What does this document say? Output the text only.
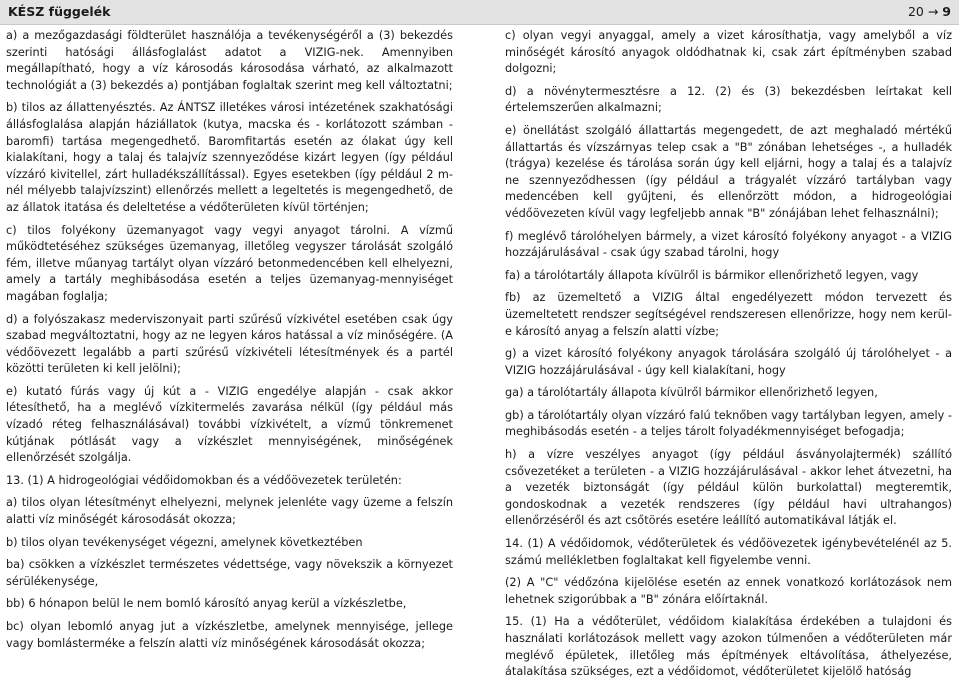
KÉSZ függelék	20 → 9

a) a mezőgazdasági földterület használója a tevékenységéről a (3) bekezdés szerinti hatósági állásfoglalást adatot a VIZIG-nek. Amennyiben megállapítható, hogy a víz károsodás károsodása várható, az alkalmazott technológiát a (3) bekezdés a) pontjában foglaltak szerint meg kell változtatni;

b) tilos az állattenyésztés. Az ÁNTSZ illetékes városi intézetének szakhatósági állásfoglalása alapján háziállatok (kutya, macska és - korlátozott számban - baromfi) tartása megengedhető. Baromfitartás esetén az ólakat úgy kell kialakítani, hogy a talaj és talajvíz szennyeződése kizárt legyen (így például vízzáró kivitellel, zárt hulladékszállítással). Egyes esetekben (így például 2 m-nél mélyebb talajvízszint) ellenőrzés mellett a legeltetés is megengedhető, de az állatok itatása és deleltetése a védőterületen kívül történjen;

c) tilos folyékony üzemanyagot vagy vegyi anyagot tárolni. A vízmű működtetéséhez szükséges üzemanyag, illetőleg vegyszer tárolását szolgáló fém, illetve műanyag tartályt olyan vízzáró betonmedencében kell elhelyezni, amely a tartály meghibásodása esetén a teljes üzemanyag-mennyiséget magában foglalja;

d) a folyószakasz mederviszonyait parti szűrésű vízkivétel esetében csak úgy szabad megváltoztatni, hogy az ne legyen káros hatással a víz minőségére. (A védőövezett legalább a parti szűrésű vízkivételi létesítmények és a partél közötti területen ki kell jelölni);

e) kutató fúrás vagy új kút a - VIZIG engedélye alapján - csak akkor létesíthető, ha a meglévő vízkitermelés zavarása nélkül (így például más vízadó réteg felhasználásával) további vízkivételt, a vízmű tönkremenet kútjának pótlását vagy a vízkészlet mennyiségének, minőségének ellenőrzését szolgálja.

13. (1) A hidrogeológiai védőidomokban és a védőövezetek területén:

a) tilos olyan létesítményt elhelyezni, melynek jelenléte vagy üzeme a felszín alatti víz minőségét károsodását okozza;

b) tilos olyan tevékenységet végezni, amelynek következtében

ba) csökken a vízkészlet természetes védettsége, vagy növekszik a környezet sérülékenysége,

bb) 6 hónapon belül le nem bomló károsító anyag kerül a vízkészletbe,

bc) olyan lebomló anyag jut a vízkészletbe, amelynek mennyisége, jellege vagy bomlásterméke a felszín alatti víz minőségének károsodását okozza;

c) olyan vegyi anyaggal, amely a vizet károsíthatja, vagy amelyből a víz minőségét károsító anyagok oldódhatnak ki, csak zárt építményben szabad dolgozni;

d) a növénytermesztésre a 12. (2) és (3) bekezdésben leírtakat kell értelemszerűen alkalmazni;

e) önellátást szolgáló állattartás megengedett, de azt meghaladó mértékű állattartás és vízszárnyas telep csak a "B" zónában lehetséges -, a hulladék (trágya) kezelése és tárolása során úgy kell eljárni, hogy a talaj és a talajvíz ne szennyeződhessen (így például a trágyalét vízzáró tartályban vagy medencében kell gyűjteni, és ellenőrzött módon, a hidrogeológiai védőövezeten kívül vagy legfeljebb annak "B" zónájában lehet felhasználni);

f) meglévő tárolóhelyen bármely, a vizet károsító folyékony anyagot - a VIZIG hozzájárulásával - csak úgy szabad tárolni, hogy

fa) a tárolótartály állapota kívülről is bármikor ellenőrizhető legyen, vagy

fb) az üzemeltető a VIZIG által engedélyezett módon tervezett és üzemeltetett rendszer segítségével rendszeresen ellenőrizze, hogy nem kerül-e károsító anyag a felszín alatti vízbe;

g) a vizet károsító folyékony anyagok tárolására szolgáló új tárolóhelyet - a VIZIG hozzájárulásával - úgy kell kialakítani, hogy

ga) a tárolótartály állapota kívülről bármikor ellenőrizhető legyen,

gb) a tárolótartály olyan vízzáró falú teknőben vagy tartályban legyen, amely - meghibásodás esetén - a teljes tárolt folyadékmennyiséget befogadja;

h) a vízre veszélyes anyagot (így például ásványolajtermék) szállító csővezetéket a területen - a VIZIG hozzájárulásával - akkor lehet átvezetni, ha a vezeték biztonságát (így például külön burkolattal) megteremtik, gondoskodnak a vezeték rendszeres (így például havi ultrahangos) ellenőrzéséről és azt csőtörés esetére leállító automatikával látják el.

14. (1) A védőidomok, védőterületek és védőövezetek igénybevételénél az 5. számú mellékletben foglaltakat kell figyelembe venni.

(2) A "C" védőzóna kijelölése esetén az ennek vonatkozó korlátozások nem lehetnek szigorúbbak a "B" zónára előírtaknál.

15. (1) Ha a védőterület, védőidom kialakítása érdekében a tulajdoni és használati korlátozások mellett vagy azokon túlmenően a védőterületen már meglévő épületek, illetőleg más építmények eltávolítása, áthelyezése, átalakítása szükséges, ezt a védőidomot, védőterületet kijelölő hatóság
